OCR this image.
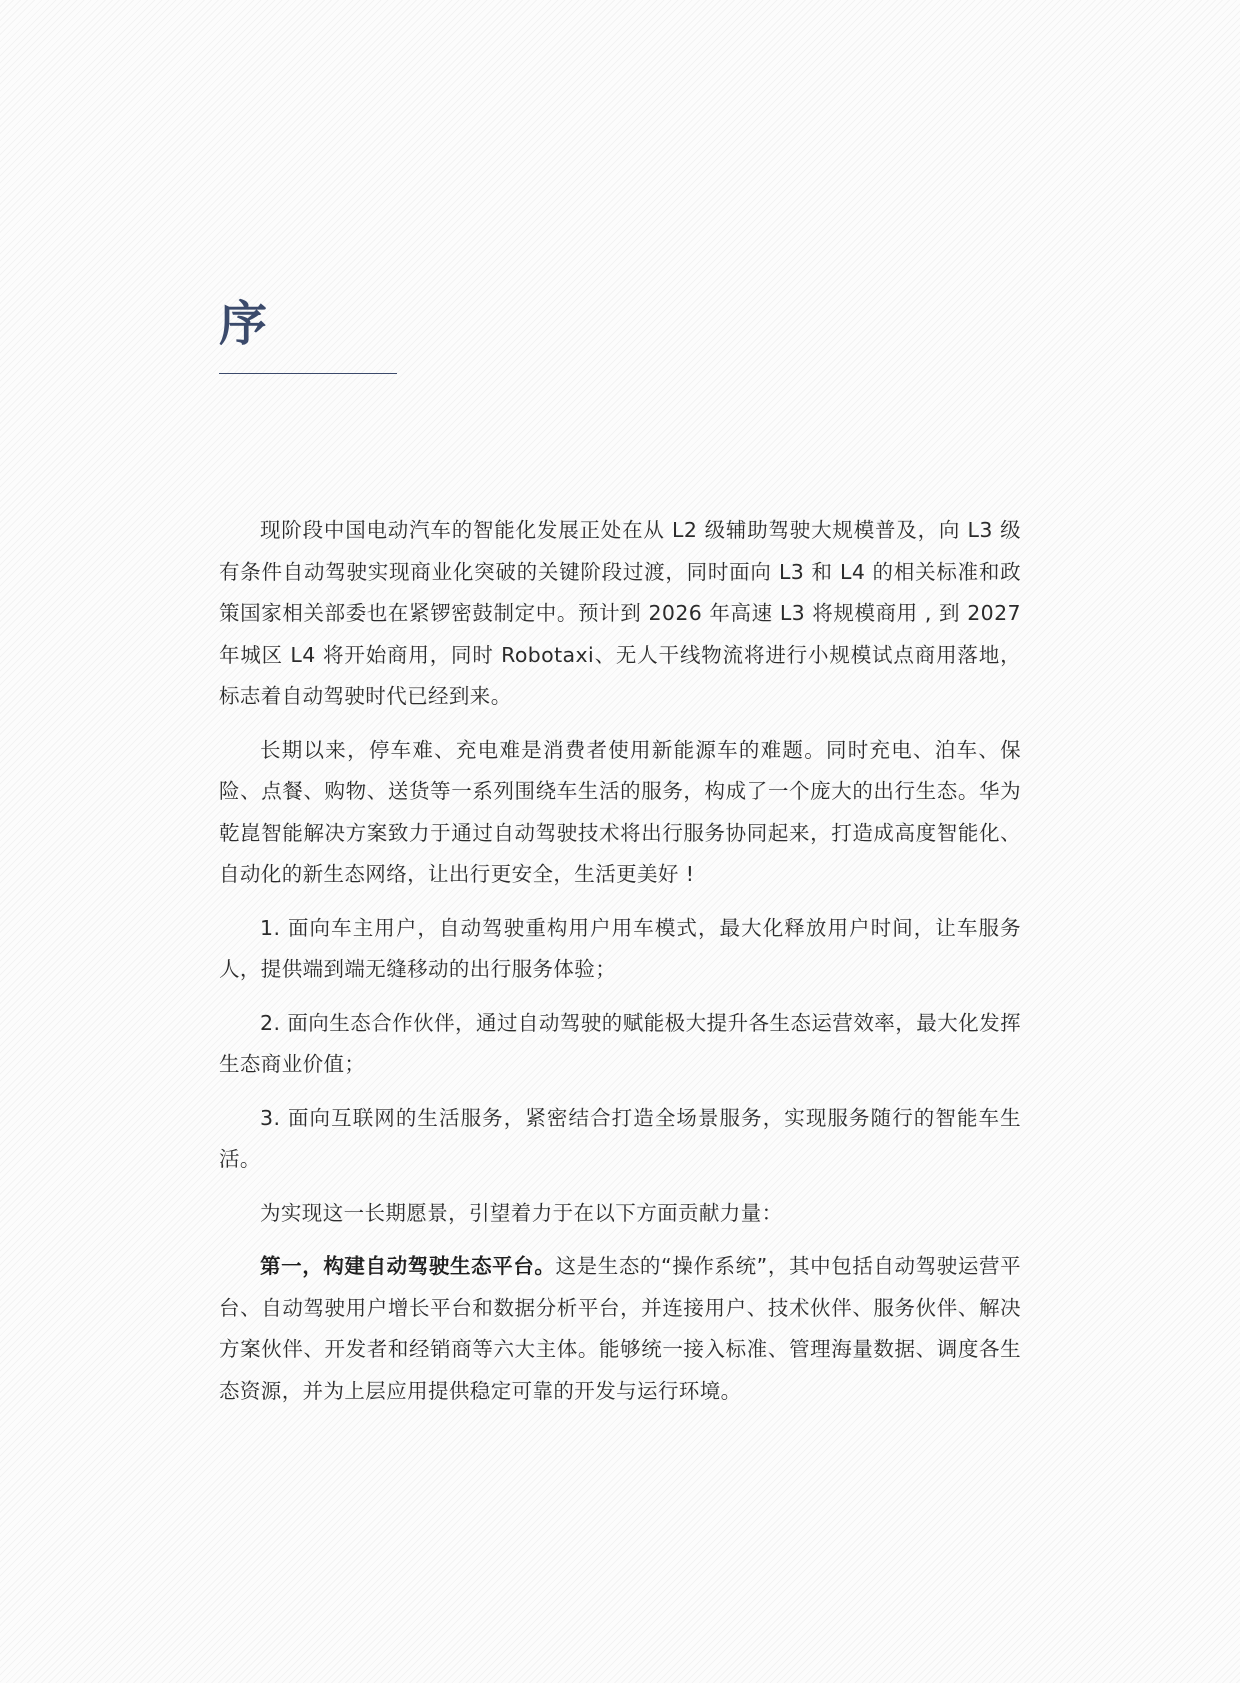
序

现阶段中国电动汽车的智能化发展正处在从 L2 级辅助驾驶大规模普及，向 L3 级有条件自动驾驶实现商业化突破的关键阶段过渡，同时面向 L3 和 L4 的相关标准和政策国家相关部委也在紧锣密鼓制定中。预计到 2026 年高速 L3 将规模商用 , 到 2027 年城区 L4 将开始商用，同时 Robotaxi、无人干线物流将进行小规模试点商用落地，标志着自动驾驶时代已经到来。

长期以来，停车难、充电难是消费者使用新能源车的难题。同时充电、泊车、保险、点餐、购物、送货等一系列围绕车生活的服务，构成了一个庞大的出行生态。华为乾崑智能解决方案致力于通过自动驾驶技术将出行服务协同起来，打造成高度智能化、自动化的新生态网络，让出行更安全，生活更美好 !

1. 面向车主用户，自动驾驶重构用户用车模式，最大化释放用户时间，让车服务人，提供端到端无缝移动的出行服务体验；

2. 面向生态合作伙伴，通过自动驾驶的赋能极大提升各生态运营效率，最大化发挥生态商业价值；

3. 面向互联网的生活服务，紧密结合打造全场景服务，实现服务随行的智能车生活。

为实现这一长期愿景，引望着力于在以下方面贡献力量：

第一，构建自动驾驶生态平台。这是生态的“操作系统”，其中包括自动驾驶运营平台、自动驾驶用户增长平台和数据分析平台，并连接用户、技术伙伴、服务伙伴、解决方案伙伴、开发者和经销商等六大主体。能够统一接入标准、管理海量数据、调度各生态资源，并为上层应用提供稳定可靠的开发与运行环境。
